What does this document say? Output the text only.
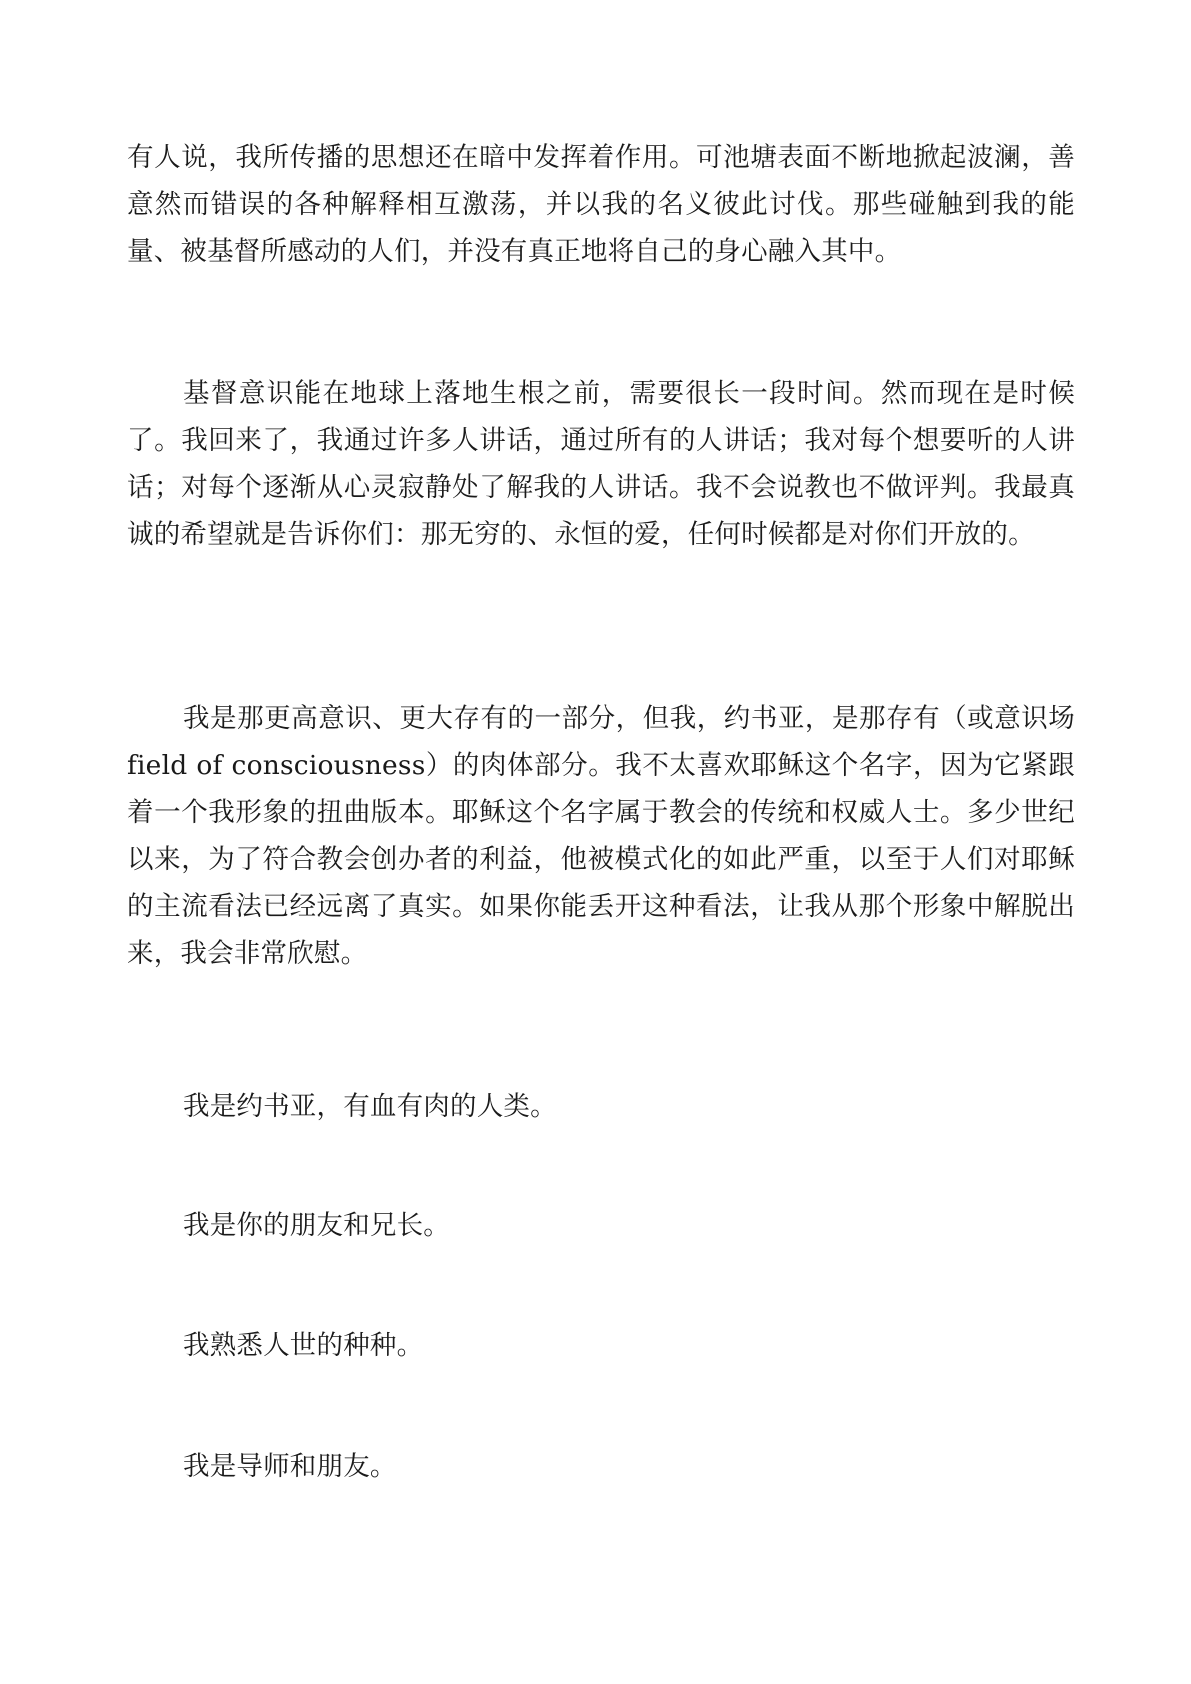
有人说，我所传播的思想还在暗中发挥着作用。可池塘表面不断地掀起波澜，善意然而错误的各种解释相互激荡，并以我的名义彼此讨伐。那些碰触到我的能量、被基督所感动的人们，并没有真正地将自己的身心融入其中。

基督意识能在地球上落地生根之前，需要很长一段时间。然而现在是时候了。我回来了，我通过许多人讲话，通过所有的人讲话；我对每个想要听的人讲话；对每个逐渐从心灵寂静处了解我的人讲话。我不会说教也不做评判。我最真诚的希望就是告诉你们：那无穷的、永恒的爱，任何时候都是对你们开放的。

我是那更高意识、更大存有的一部分，但我，约书亚，是那存有（或意识场 field of consciousness）的肉体部分。我不太喜欢耶稣这个名字，因为它紧跟着一个我形象的扭曲版本。耶稣这个名字属于教会的传统和权威人士。多少世纪以来，为了符合教会创办者的利益，他被模式化的如此严重，以至于人们对耶稣的主流看法已经远离了真实。如果你能丢开这种看法，让我从那个形象中解脱出来，我会非常欣慰。

我是约书亚，有血有肉的人类。

我是你的朋友和兄长。

我熟悉人世的种种。

我是导师和朋友。
